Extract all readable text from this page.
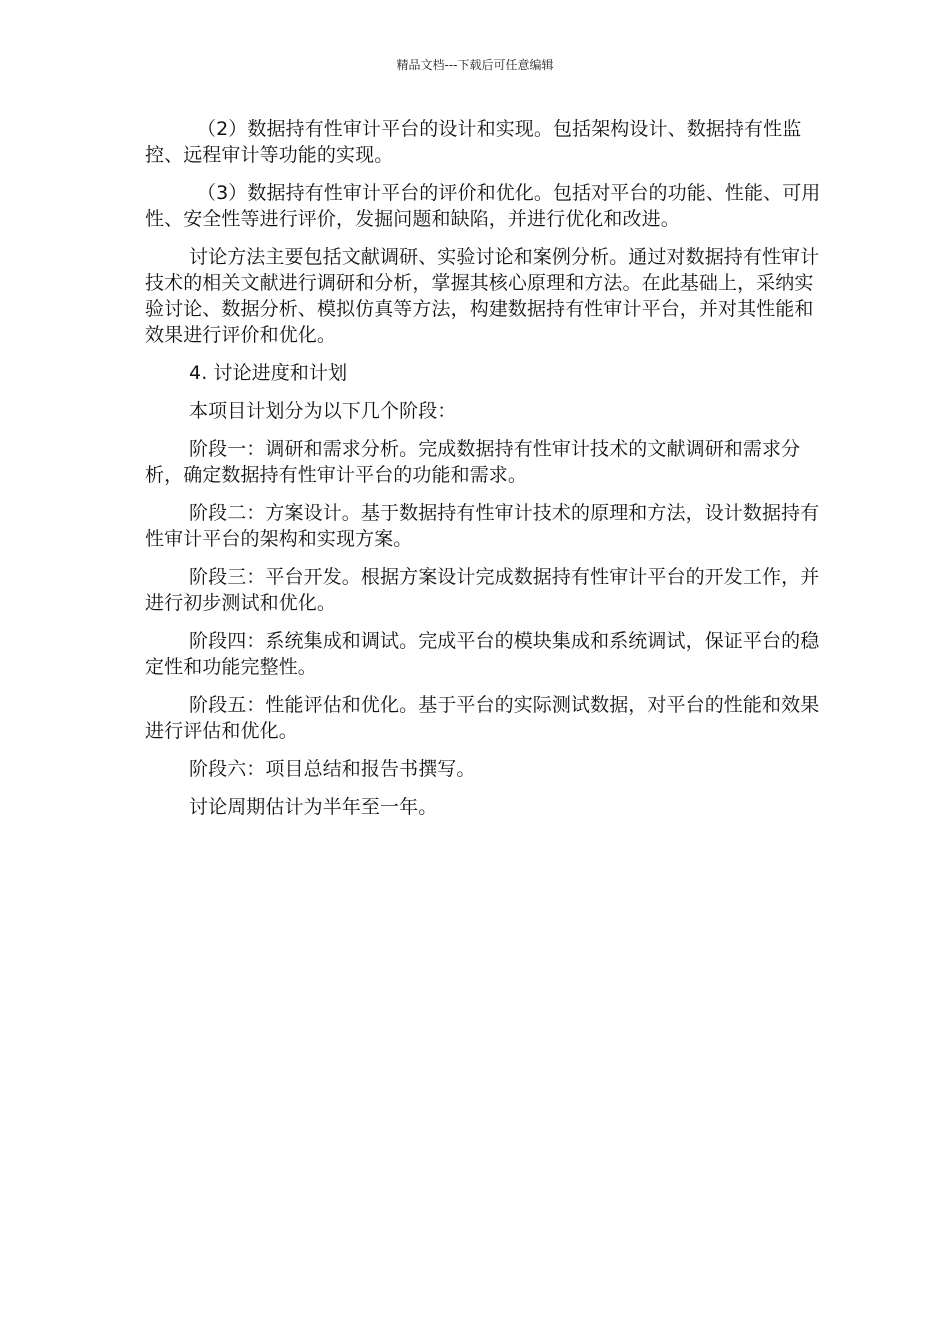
精品文档---下载后可任意编辑

（2）数据持有性审计平台的设计和实现。包括架构设计、数据持有性监控、远程审计等功能的实现。

（3）数据持有性审计平台的评价和优化。包括对平台的功能、性能、可用性、安全性等进行评价，发掘问题和缺陷，并进行优化和改进。

讨论方法主要包括文献调研、实验讨论和案例分析。通过对数据持有性审计技术的相关文献进行调研和分析，掌握其核心原理和方法。在此基础上，采纳实验讨论、数据分析、模拟仿真等方法，构建数据持有性审计平台，并对其性能和效果进行评价和优化。

4. 讨论进度和计划

本项目计划分为以下几个阶段：

阶段一：调研和需求分析。完成数据持有性审计技术的文献调研和需求分析，确定数据持有性审计平台的功能和需求。

阶段二：方案设计。基于数据持有性审计技术的原理和方法，设计数据持有性审计平台的架构和实现方案。

阶段三：平台开发。根据方案设计完成数据持有性审计平台的开发工作，并进行初步测试和优化。

阶段四：系统集成和调试。完成平台的模块集成和系统调试，保证平台的稳定性和功能完整性。

阶段五：性能评估和优化。基于平台的实际测试数据，对平台的性能和效果进行评估和优化。

阶段六：项目总结和报告书撰写。

讨论周期估计为半年至一年。
